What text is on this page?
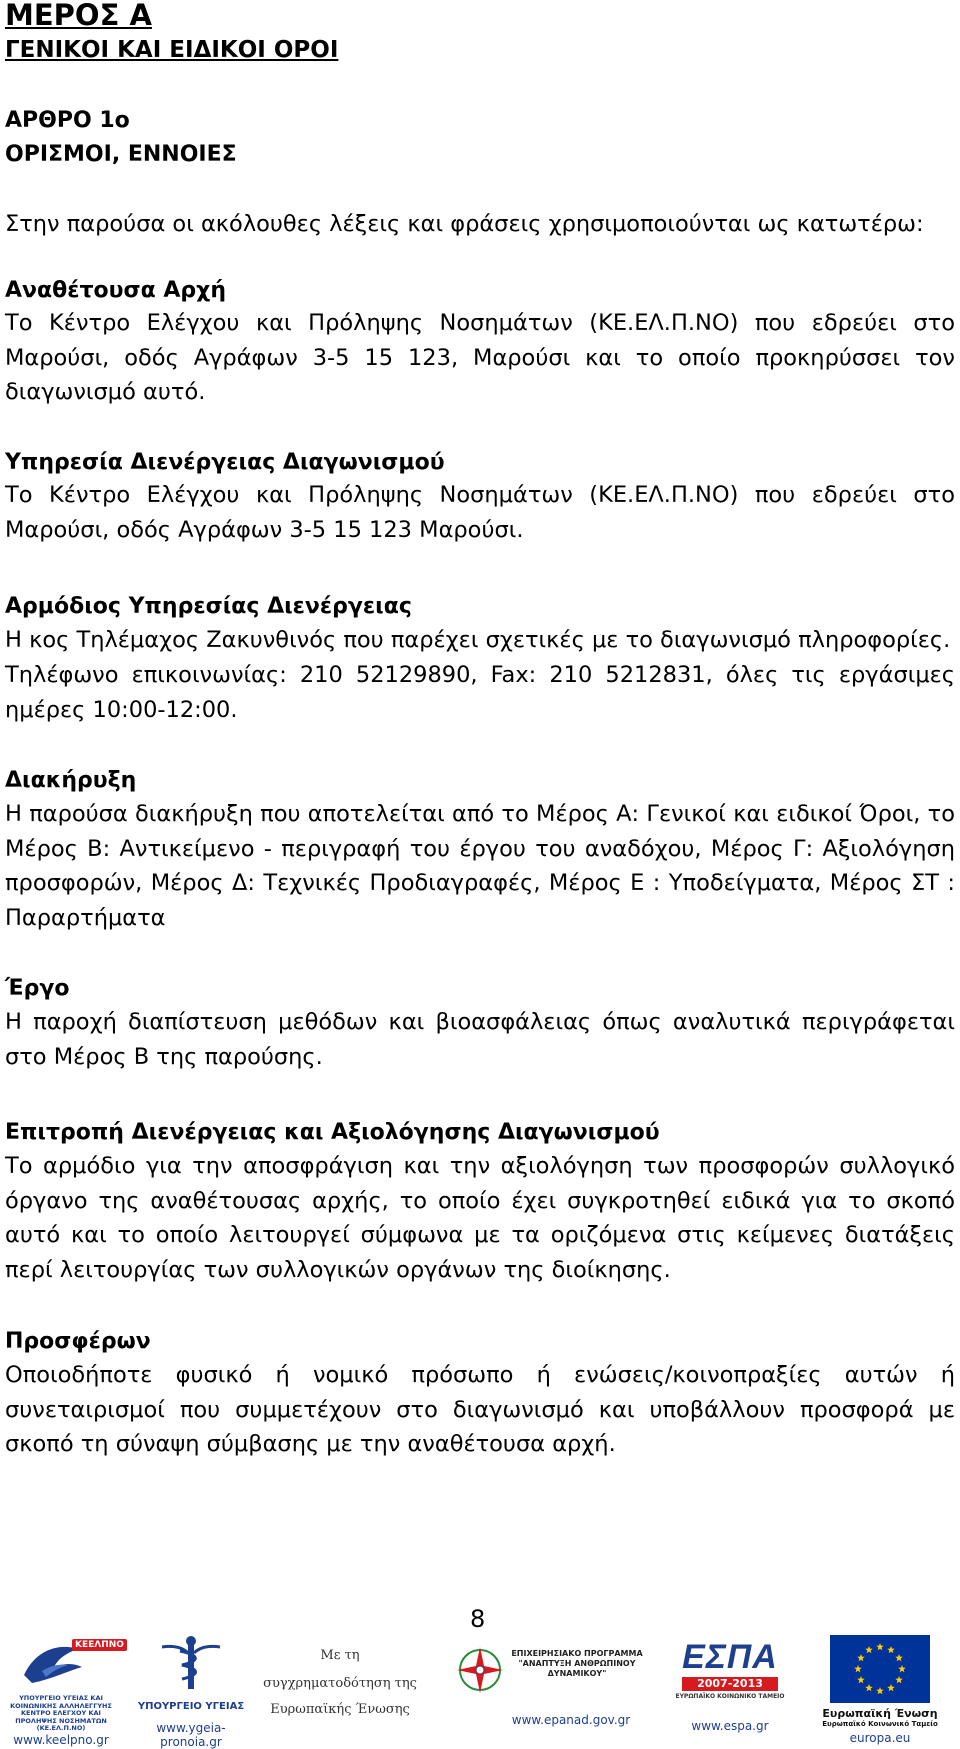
ΜΕΡΟΣ Α
ΓΕΝΙΚΟΙ ΚΑΙ ΕΙΔΙΚΟΙ ΟΡΟΙ

ΑΡΘΡΟ 1ο

ΟΡΙΣΜΟΙ, ΕΝΝΟΙΕΣ

Στην παρούσα οι ακόλουθες λέξεις και φράσεις χρησιμοποιούνται ως κατωτέρω:

Αναθέτουσα Αρχή

Το Κέντρο Ελέγχου και Πρόληψης Νοσημάτων (ΚΕ.ΕΛ.Π.ΝΟ) που εδρεύει στο Μαρούσι, οδός Αγράφων 3-5 15 123, Μαρούσι και το οποίο προκηρύσσει τον διαγωνισμό αυτό.

Υπηρεσία Διενέργειας Διαγωνισμού

Το Κέντρο Ελέγχου και Πρόληψης Νοσημάτων (ΚΕ.ΕΛ.Π.ΝΟ) που εδρεύει στο Μαρούσι, οδός Αγράφων 3-5 15 123 Μαρούσι.

Αρμόδιος Υπηρεσίας Διενέργειας

Η κος Τηλέμαχος Ζακυνθινός που παρέχει σχετικές με το διαγωνισμό πληροφορίες.

Τηλέφωνο επικοινωνίας: 210 52129890, Fax: 210 5212831, όλες τις εργάσιμες ημέρες 10:00-12:00.

Διακήρυξη

Η παρούσα διακήρυξη που αποτελείται από το Μέρος Α: Γενικοί και ειδικοί Όροι, το Μέρος Β: Αντικείμενο - περιγραφή του έργου του αναδόχου, Μέρος Γ: Αξιολόγηση προσφορών, Μέρος Δ: Τεχνικές Προδιαγραφές, Μέρος Ε : Υποδείγματα, Μέρος ΣΤ : Παραρτήματα

Έργο

Η παροχή διαπίστευση μεθόδων και βιοασφάλειας όπως αναλυτικά περιγράφεται στο Μέρος Β της παρούσης.

Επιτροπή Διενέργειας και Αξιολόγησης Διαγωνισμού

Το αρμόδιο για την αποσφράγιση και την αξιολόγηση των προσφορών συλλογικό όργανο της αναθέτουσας αρχής, το οποίο έχει συγκροτηθεί ειδικά για το σκοπό αυτό και το οποίο λειτουργεί σύμφωνα με τα οριζόμενα στις κείμενες διατάξεις περί λειτουργίας των συλλογικών οργάνων της διοίκησης.

Προσφέρων

Οποιοδήποτε φυσικό ή νομικό πρόσωπο ή ενώσεις/κοινοπραξίες αυτών ή συνεταιρισμοί που συμμετέχουν στο διαγωνισμό και υποβάλλουν προσφορά με σκοπό τη σύναψη σύμβασης με την αναθέτουσα αρχή.

8
ΚΕΕΛΠΝΟ

ΥΠΟΥΡΓΕΙΟ ΥΓΕΙΑΣ ΚΑΙ ΚΟΙΝΩΝΙΚΗΣ ΑΛΛΗΛΕΓΓΥΗΣ ΚΕΝΤΡΟ ΕΛΕΓΧΟΥ ΚΑΙ ΠΡΟΛΗΨΗΣ ΝΟΣΗΜΑΤΩΝ (ΚΕ.ΕΛ.Π.ΝΟ)

www.keelpno.gr

ΥΠΟΥΡΓΕΙΟ ΥΓΕΙΑΣ

www.ygeia-pronoia.gr

Με τη

συγχρηματοδότηση της

Ευρωπαϊκής Ένωσης

ΕΠΙΧΕΙΡΗΣΙΑΚΟ ΠΡΟΓΡΑΜΜΑ

"ΑΝΑΠΤΥΞΗ ΑΝΘΡΩΠΙΝΟΥ ΔΥΝΑΜΙΚΟΥ"

www.epanad.gov.gr

ΕΣΠΑ
2007-2013

ΕΥΡΩΠΑΪΚΟ ΚΟΙΝΩΝΙΚΟ ΤΑΜΕΙΟ

www.espa.gr

Ευρωπαϊκή Ένωση

Ευρωπαϊκό Κοινωνικό Ταμείο

europa.eu
